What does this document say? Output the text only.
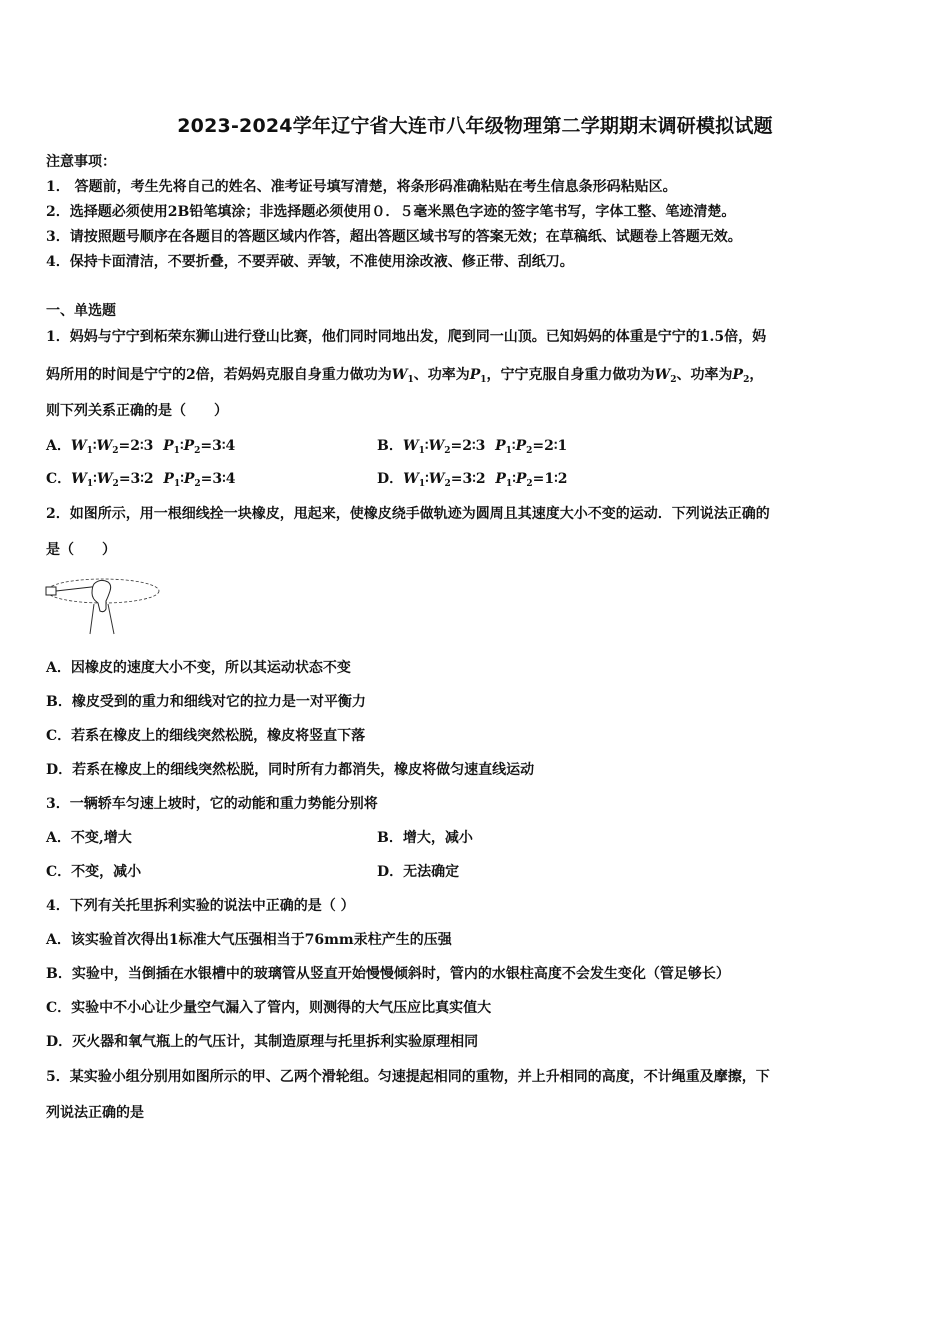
2023-2024学年辽宁省大连市八年级物理第二学期期末调研模拟试题
注意事项：
1． 答题前，考生先将自己的姓名、准考证号填写清楚，将条形码准确粘贴在考生信息条形码粘贴区。
2．选择题必须使用2B铅笔填涂；非选择题必须使用０．５毫米黑色字迹的签字笔书写，字体工整、笔迹清楚。
3．请按照题号顺序在各题目的答题区域内作答，超出答题区域书写的答案无效；在草稿纸、试题卷上答题无效。
4．保持卡面清洁，不要折叠，不要弄破、弄皱，不准使用涂改液、修正带、刮纸刀。
一、单选题
1．妈妈与宁宁到柘荣东狮山进行登山比赛，他们同时同地出发，爬到同一山顶。已知妈妈的体重是宁宁的1.5倍，妈
妈所用的时间是宁宁的2倍，若妈妈克服自身重力做功为$W_1$、功率为$P_1$，宁宁克服自身重力做功为$W_2$、功率为$P_2$，
则下列关系正确的是（　　）
A．$W_1∶W_2=2∶3$ $P_1∶P_2=3∶4$	B．$W_1∶W_2=2∶3$ $P_1∶P_2=2∶1$
C．$W_1∶W_2=3∶2$ $P_1∶P_2=3∶4$	D．$W_1∶W_2=3∶2$ $P_1∶P_2=1∶2$
2．如图所示，用一根细线拴一块橡皮，甩起来，使橡皮绕手做轨迹为圆周且其速度大小不变的运动．下列说法正确的
是（　　）
A．因橡皮的速度大小不变，所以其运动状态不变
B．橡皮受到的重力和细线对它的拉力是一对平衡力
C．若系在橡皮上的细线突然松脱，橡皮将竖直下落
D．若系在橡皮上的细线突然松脱，同时所有力都消失，橡皮将做匀速直线运动
3．一辆轿车匀速上坡时，它的动能和重力势能分别将
A．不变,增大	B．增大，减小
C．不变，减小	D．无法确定
4．下列有关托里拆利实验的说法中正确的是（ ）
A．该实验首次得出1标准大气压强相当于76mm汞柱产生的压强
B．实验中，当倒插在水银槽中的玻璃管从竖直开始慢慢倾斜时，管内的水银柱高度不会发生变化（管足够长）
C．实验中不小心让少量空气漏入了管内，则测得的大气压应比真实值大
D．灭火器和氧气瓶上的气压计，其制造原理与托里拆利实验原理相同
5．某实验小组分别用如图所示的甲、乙两个滑轮组。匀速提起相同的重物，并上升相同的高度，不计绳重及摩擦，下
列说法正确的是
